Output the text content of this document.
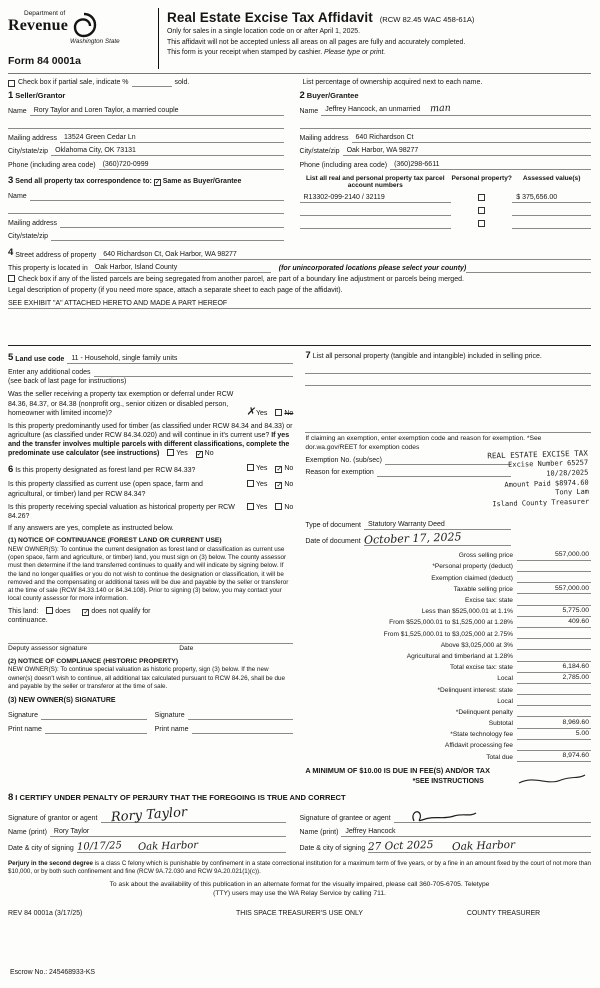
Department of
Revenue
Washington State
Form 84 0001a
Real Estate Excise Tax Affidavit (RCW 82.45 WAC 458-61A)
Only for sales in a single location code on or after April 1, 2025.
This affidavit will not be accepted unless all areas on all pages are fully and accurately completed.
This form is your receipt when stamped by cashier. Please type or print.
Check box if partial sale, indicate %	sold.	List percentage of ownership acquired next to each name.
1 Seller/Grantor
Name	Rory Taylor and Loren Taylor, a married couple
Mailing address	13524 Green Cedar Ln
City/state/zip	Oklahoma City, OK 73131
Phone (including area code)	(360)720-0999
2 Buyer/Grantee
Name	Jeffrey Hancock, an unmarried man
Mailing address	640 Richardson Ct
City/state/zip	Oak Harbor, WA 98277
Phone (including area code)	(360)298-6611
3 Send all property tax correspondence to: ✓ Same as Buyer/Grantee
Name
Mailing address
City/state/zip
List all real and personal property tax parcel account numbers
Personal property?	Assessed value(s)
R13302-099-2140 / 32119	$ 375,656.00
4 Street address of property	640 Richardson Ct, Oak Harbor, WA 98277
This property is located in	Oak Harbor, Island County	(for unincorporated locations please select your county)
Check box if any of the listed parcels are being segregated from another parcel, are part of a boundary line adjustment or parcels being merged.
Legal description of property (if you need more space, attach a separate sheet to each page of the affidavit).
SEE EXHIBIT "A" ATTACHED HERETO AND MADE A PART HEREOF
5 Land use code	11 - Household, single family units
Enter any additional codes
(see back of last page for instructions)
Was the seller receiving a property tax exemption or deferral under RCW 84.36, 84.37, or 84.38 (nonprofit org., senior citizen or disabled person, homeowner with limited income)?	✗Yes No
Is this property predominantly used for timber (as classified under RCW 84.34 and 84.33) or agriculture (as classified under RCW 84.34.020) and will continue in it's current use? If yes and the transfer involves multiple parcels with different classifications, complete the predominate use calculator (see instructions) Yes ✓ No
6 Is this property designated as forest land per RCW 84.33?	Yes ✓ No
Is this property classified as current use (open space, farm and agricultural, or timber) land per RCW 84.34?
Yes ✓ No
Is this property receiving special valuation as historical property per RCW 84.26?
Yes No
If any answers are yes, complete as instructed below.
(1) NOTICE OF CONTINUANCE (FOREST LAND OR CURRENT USE)
NEW OWNER(S): To continue the current designation as forest land or classification as current use (open space, farm and agriculture, or timber) land, you must sign on (3) below. The county assessor must then determine if the land transferred continues to qualify and will indicate by signing below. If the land no longer qualifies or you do not wish to continue the designation or classification, it will be removed and the compensating or additional taxes will be due and payable by the seller or transferor at the time of sale (RCW 84.33.140 or 84.34.108). Prior to signing (3) below, you may contact your local county assessor for more information.
This land: does ✓ does not qualify for
continuance.
Deputy assessor signature	Date
(2) NOTICE OF COMPLIANCE (HISTORIC PROPERTY)
NEW OWNER(S): To continue special valuation as historic property, sign (3) below. If the new owner(s) doesn't wish to continue, all additional tax calculated pursuant to RCW 84.26, shall be due and payable by the seller or transferor at the time of sale.
(3) NEW OWNER(S) SIGNATURE
Signature	Signature
Print name	Print name
7 List all personal property (tangible and intangible) included in selling price.
If claiming an exemption, enter exemption code and reason for exemption. *See dor.wa.gov/REET for exemption codes
Exemption No. (sub/sec)
Reason for exemption
REAL ESTATE EXCISE TAX
Excise Number 65257
10/28/2025
Amount Paid $8974.60
Tony Lam
Island County Treasurer
Type of document	Statutory Warranty Deed
Date of document October 17, 2025
Gross selling price	557,000.00
*Personal property (deduct)
Exemption claimed (deduct)
Taxable selling price	557,000.00
Excise tax: state
Less than $525,000.01 at 1.1%	5,775.00
From $525,000.01 to $1,525,000 at 1.28%	409.60
From $1,525,000.01 to $3,025,000 at 2.75%
Above $3,025,000 at 3%
Agricultural and timberland at 1.28%
Total excise tax: state	6,184.60
Local	2,785.00
*Delinquent interest: state
Local
*Delinquent penalty
Subtotal	8,969.60
*State technology fee	5.00
Affidavit processing fee
Total due	8,974.60
A MINIMUM OF $10.00 IS DUE IN FEE(S) AND/OR TAX
*SEE INSTRUCTIONS
8 I CERTIFY UNDER PENALTY OF PERJURY THAT THE FOREGOING IS TRUE AND CORRECT
Signature of grantor or agent Rory Taylor
Name (print)	Rory Taylor
Date & city of signing 10/17/25 Oak Harbor
Signature of grantee or agent
Name (print)	Jeffrey Hancock
Date & city of signing 27 Oct 2025 Oak Harbor
Perjury in the second degree is a class C felony which is punishable by confinement in a state correctional institution for a maximum term of five years, or by a fine in an amount fixed by the court of not more than $10,000, or by both such confinement and fine (RCW 9A.72.030 and RCW 9A.20.021(1)(c)).
To ask about the availability of this publication in an alternate format for the visually impaired, please call 360-705-6705. Teletype
(TTY) users may use the WA Relay Service by calling 711.
REV 84 0001a (3/17/25)	THIS SPACE TREASURER'S USE ONLY	COUNTY TREASURER
Escrow No.: 245468933-KS
